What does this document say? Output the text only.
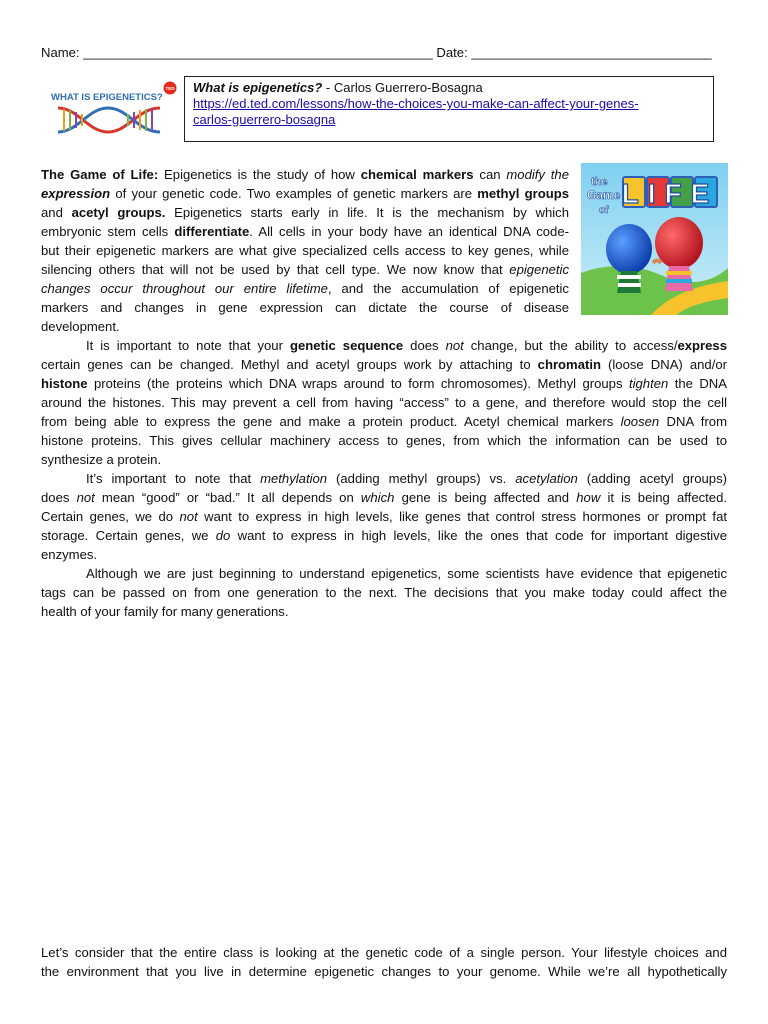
Name: ________________________________________________ Date: _________________________________
WHAT IS EPIGENETICS?
TED What is epigenetics? - Carlos Guerrero-Bosagna
https://ed.ted.com/lessons/how-the-choices-you-make-can-affect-your-genes-
carlos-guerrero-bosagna
the
Game
of
LIFE
The Game of Life: Epigenetics is the study of how chemical markers can modify the
expression of your genetic code. Two examples of genetic markers are methyl groups
and acetyl groups. Epigenetics starts early in life. It is the mechanism by which
embryonic stem cells differentiate. All cells in your body have an identical DNA code-
but their epigenetic markers are what give specialized cells access to key genes, while
silencing others that will not be used by that cell type. We now know that epigenetic
changes occur throughout our entire lifetime, and the accumulation of epigenetic
markers and changes in gene expression can dictate the course of disease
development.
It is important to note that your genetic sequence does not change, but the ability to access/express
certain genes can be changed. Methyl and acetyl groups work by attaching to chromatin (loose DNA) and/or
histone proteins (the proteins which DNA wraps around to form chromosomes). Methyl groups tighten the DNA
around the histones. This may prevent a cell from having “access” to a gene, and therefore would stop the cell
from being able to express the gene and make a protein product. Acetyl chemical markers loosen DNA from
histone proteins. This gives cellular machinery access to genes, from which the information can be used to
synthesize a protein.
It’s important to note that methylation (adding methyl groups) vs. acetylation (adding acetyl groups)
does not mean “good” or “bad.” It all depends on which gene is being affected and how it is being affected.
Certain genes, we do not want to express in high levels, like genes that control stress hormones or prompt fat
storage. Certain genes, we do want to express in high levels, like the ones that code for important digestive
enzymes.
Although we are just beginning to understand epigenetics, some scientists have evidence that epigenetic
tags can be passed on from one generation to the next. The decisions that you make today could affect the
health of your family for many generations.
Let’s consider that the entire class is looking at the genetic code of a single person. Your lifestyle choices and
the environment that you live in determine epigenetic changes to your genome. While we’re all hypothetically
